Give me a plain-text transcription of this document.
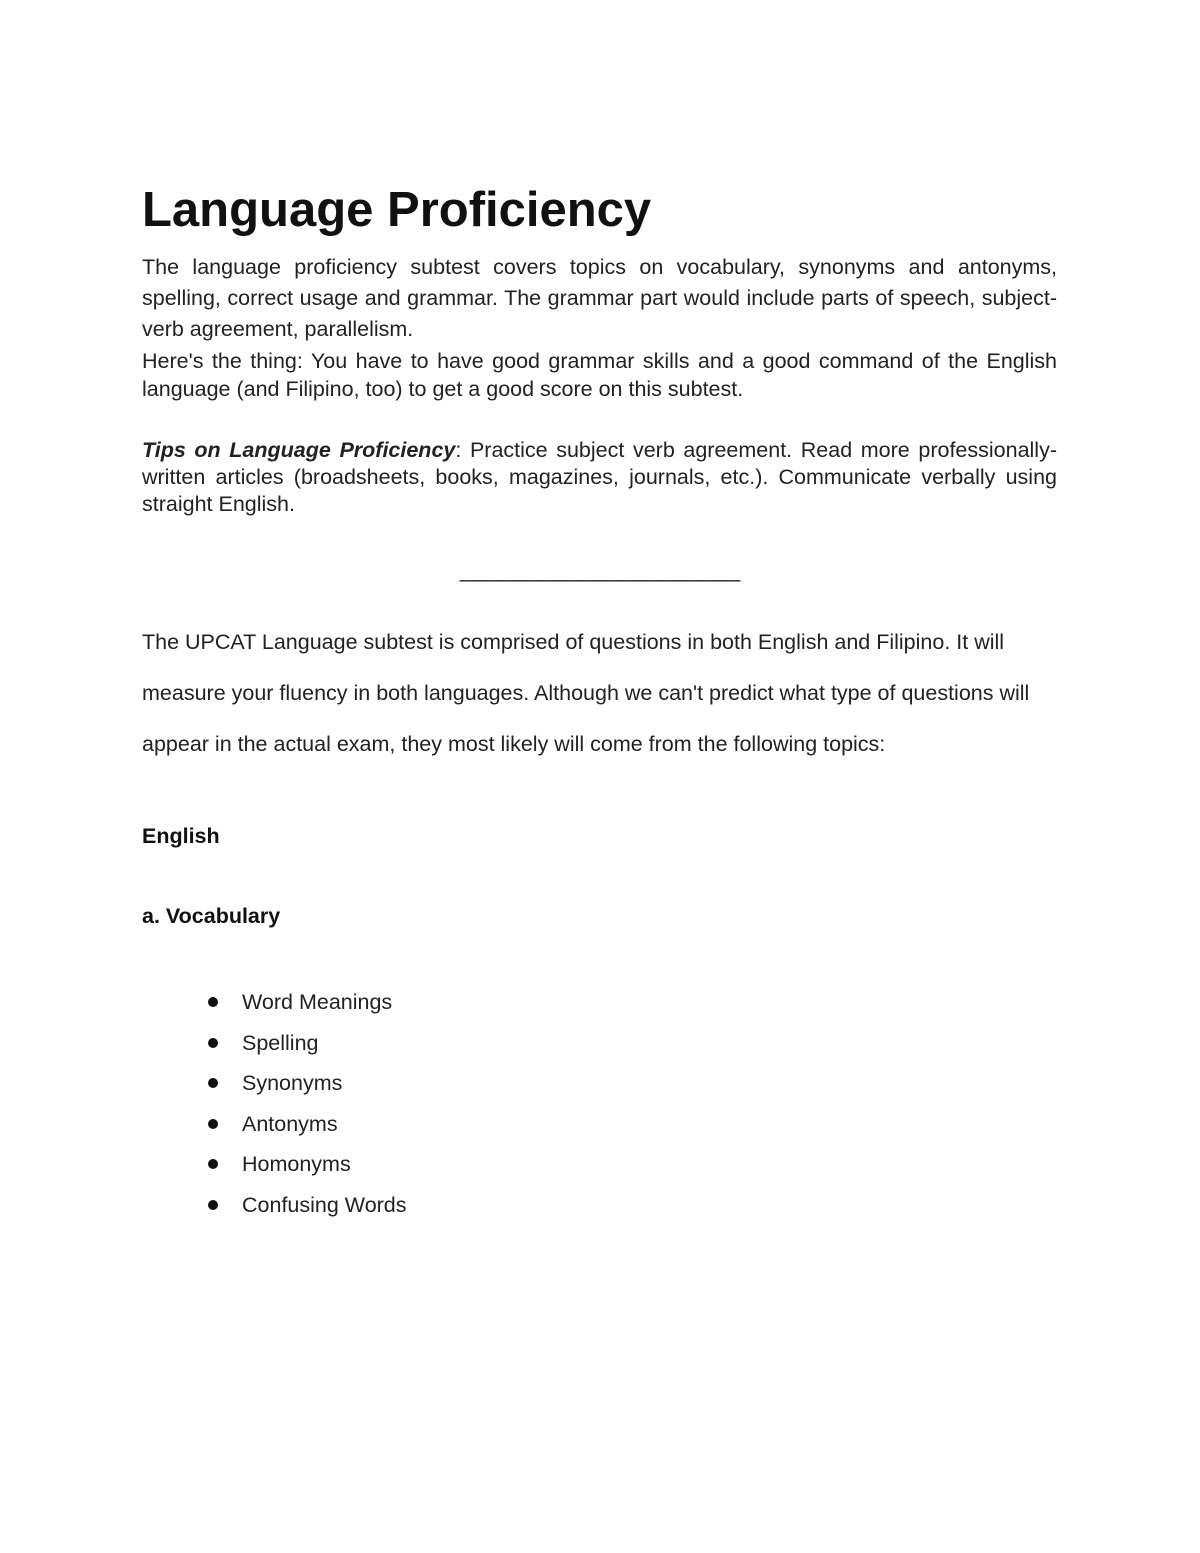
Language Proficiency

The language proficiency subtest covers topics on vocabulary, synonyms and antonyms, spelling, correct usage and grammar. The grammar part would include parts of speech, subject-verb agreement, parallelism.

Here's the thing: You have to have good grammar skills and a good command of the English language (and Filipino, too) to get a good score on this subtest.

Tips on Language Proficiency: Practice subject verb agreement. Read more professionally-written articles (broadsheets, books, magazines, journals, etc.). Communicate verbally using straight English.

——————————————

The UPCAT Language subtest is comprised of questions in both English and Filipino. It will measure your fluency in both languages. Although we can't predict what type of questions will appear in the actual exam, they most likely will come from the following topics:

English
a. Vocabulary
Word Meanings
Spelling
Synonyms
Antonyms
Homonyms
Confusing Words
